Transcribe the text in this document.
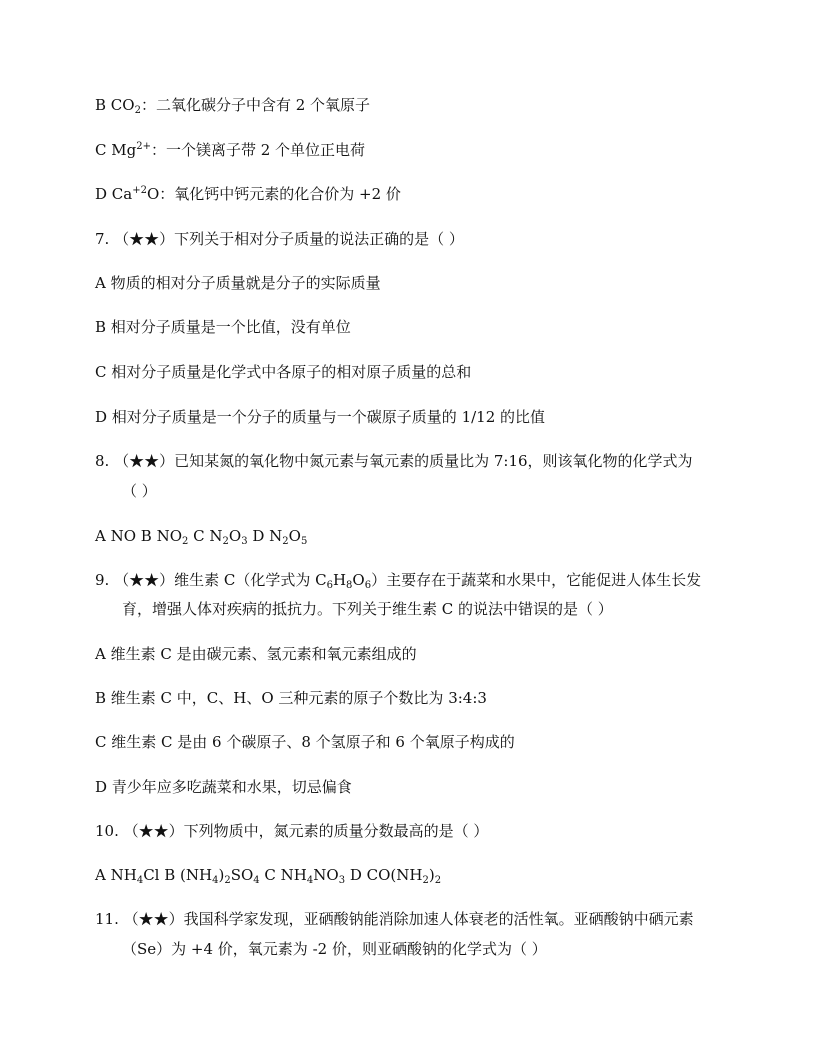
B $CO_2$：二氧化碳分子中含有 2 个氧原子
C $Mg^{2+}$：一个镁离子带 2 个单位正电荷
D $Ca^{+2}O$：氧化钙中钙元素的化合价为 +2 价
7. （★★）下列关于相对分子质量的说法正确的是（ ）
A 物质的相对分子质量就是分子的实际质量
B 相对分子质量是一个比值，没有单位
C 相对分子质量是化学式中各原子的相对原子质量的总和
D 相对分子质量是一个分子的质量与一个碳原子质量的 1/12 的比值
8. （★★）已知某氮的氧化物中氮元素与氧元素的质量比为 7:16，则该氧化物的化学式为
（ ）
A NO B $NO_2$ C $N_2O_3$ D $N_2O_5$
9. （★★）维生素 C（化学式为 $C_6H_8O_6$）主要存在于蔬菜和水果中，它能促进人体生长发
育，增强人体对疾病的抵抗力。下列关于维生素 C 的说法中错误的是（ ）
A 维生素 C 是由碳元素、氢元素和氧元素组成的
B 维生素 C 中，C、H、O 三种元素的原子个数比为 3:4:3
C 维生素 C 是由 6 个碳原子、8 个氢原子和 6 个氧原子构成的
D 青少年应多吃蔬菜和水果，切忌偏食
10. （★★）下列物质中，氮元素的质量分数最高的是（ ）
A $NH_4Cl$ B $(NH_4)_2SO_4$ C $NH_4NO_3$ D $CO(NH_2)_2$
11. （★★）我国科学家发现，亚硒酸钠能消除加速人体衰老的活性氧。亚硒酸钠中硒元素
（Se）为 +4 价，氧元素为 -2 价，则亚硒酸钠的化学式为（ ）
